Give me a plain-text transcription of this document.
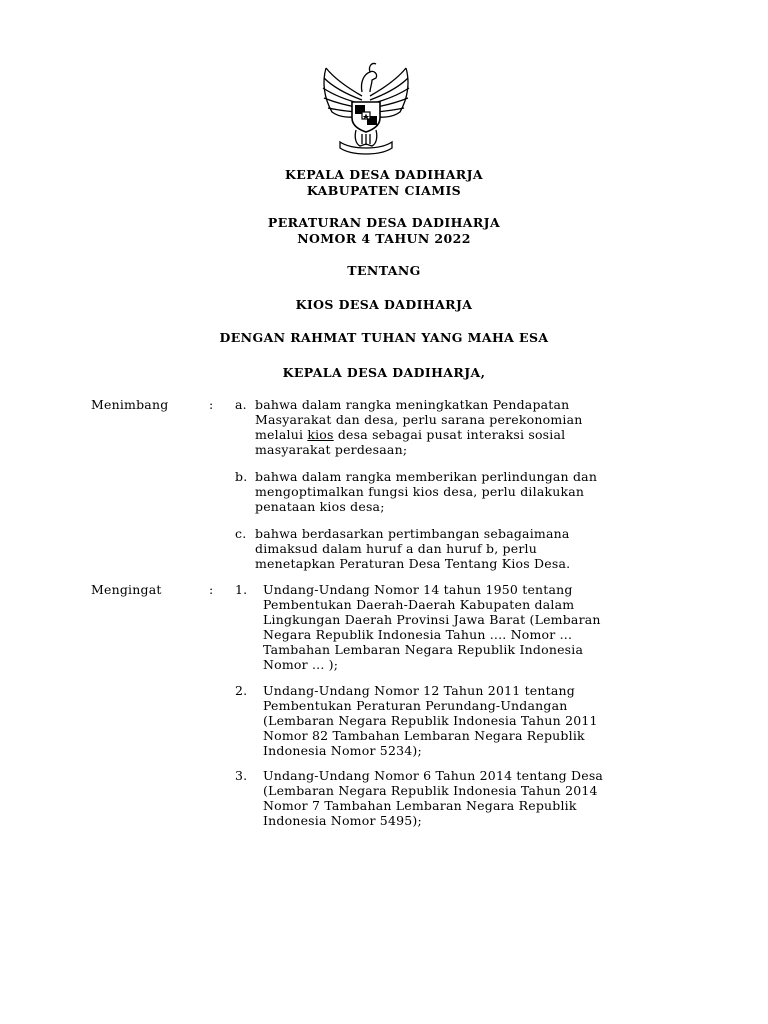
KEPALA DESA DADIHARJA
KABUPATEN CIAMIS
PERATURAN DESA DADIHARJA
NOMOR 4 TAHUN 2022
TENTANG
KIOS DESA DADIHARJA
DENGAN RAHMAT TUHAN YANG MAHA ESA
KEPALA DESA DADIHARJA,
Menimbang	: a. bahwa dalam rangka meningkatkan Pendapatan
Masyarakat dan desa, perlu sarana perekonomian
melalui kios desa sebagai pusat interaksi sosial
masyarakat perdesaan;
b. bahwa dalam rangka memberikan perlindungan dan
mengoptimalkan fungsi kios desa, perlu dilakukan
penataan kios desa;
c. bahwa berdasarkan pertimbangan sebagaimana
dimaksud dalam huruf a dan huruf b, perlu
menetapkan Peraturan Desa Tentang Kios Desa.
Mengingat	: 1. Undang-Undang Nomor 14 tahun 1950 tentang
Pembentukan Daerah-Daerah Kabupaten dalam
Lingkungan Daerah Provinsi Jawa Barat (Lembaran
Negara Republik Indonesia Tahun .... Nomor ...
Tambahan Lembaran Negara Republik Indonesia
Nomor ... );
2. Undang-Undang Nomor 12 Tahun 2011 tentang
Pembentukan Peraturan Perundang-Undangan
(Lembaran Negara Republik Indonesia Tahun 2011
Nomor 82 Tambahan Lembaran Negara Republik
Indonesia Nomor 5234);
3. Undang-Undang Nomor 6 Tahun 2014 tentang Desa
(Lembaran Negara Republik Indonesia Tahun 2014
Nomor 7 Tambahan Lembaran Negara Republik
Indonesia Nomor 5495);
